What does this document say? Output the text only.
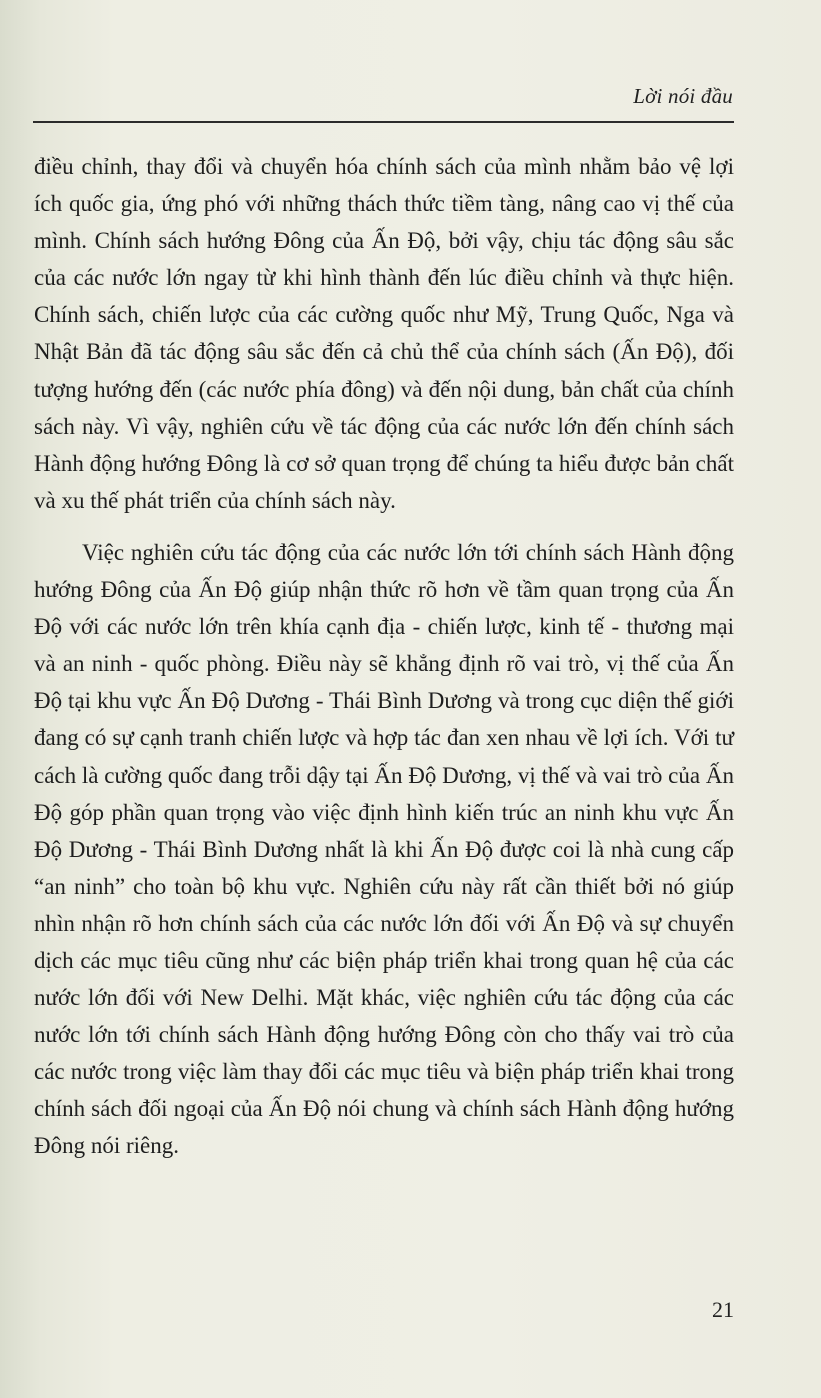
Lời nói đầu

điều chỉnh, thay đổi và chuyển hóa chính sách của mình nhằm bảo vệ lợi ích quốc gia, ứng phó với những thách thức tiềm tàng, nâng cao vị thế của mình. Chính sách hướng Đông của Ấn Độ, bởi vậy, chịu tác động sâu sắc của các nước lớn ngay từ khi hình thành đến lúc điều chỉnh và thực hiện. Chính sách, chiến lược của các cường quốc như Mỹ, Trung Quốc, Nga và Nhật Bản đã tác động sâu sắc đến cả chủ thể của chính sách (Ấn Độ), đối tượng hướng đến (các nước phía đông) và đến nội dung, bản chất của chính sách này. Vì vậy, nghiên cứu về tác động của các nước lớn đến chính sách Hành động hướng Đông là cơ sở quan trọng để chúng ta hiểu được bản chất và xu thế phát triển của chính sách này.

Việc nghiên cứu tác động của các nước lớn tới chính sách Hành động hướng Đông của Ấn Độ giúp nhận thức rõ hơn về tầm quan trọng của Ấn Độ với các nước lớn trên khía cạnh địa - chiến lược, kinh tế - thương mại và an ninh - quốc phòng. Điều này sẽ khẳng định rõ vai trò, vị thế của Ấn Độ tại khu vực Ấn Độ Dương - Thái Bình Dương và trong cục diện thế giới đang có sự cạnh tranh chiến lược và hợp tác đan xen nhau về lợi ích. Với tư cách là cường quốc đang trỗi dậy tại Ấn Độ Dương, vị thế và vai trò của Ấn Độ góp phần quan trọng vào việc định hình kiến trúc an ninh khu vực Ấn Độ Dương - Thái Bình Dương nhất là khi Ấn Độ được coi là nhà cung cấp “an ninh” cho toàn bộ khu vực. Nghiên cứu này rất cần thiết bởi nó giúp nhìn nhận rõ hơn chính sách của các nước lớn đối với Ấn Độ và sự chuyển dịch các mục tiêu cũng như các biện pháp triển khai trong quan hệ của các nước lớn đối với New Delhi. Mặt khác, việc nghiên cứu tác động của các nước lớn tới chính sách Hành động hướng Đông còn cho thấy vai trò của các nước trong việc làm thay đổi các mục tiêu và biện pháp triển khai trong chính sách đối ngoại của Ấn Độ nói chung và chính sách Hành động hướng Đông nói riêng.

21
